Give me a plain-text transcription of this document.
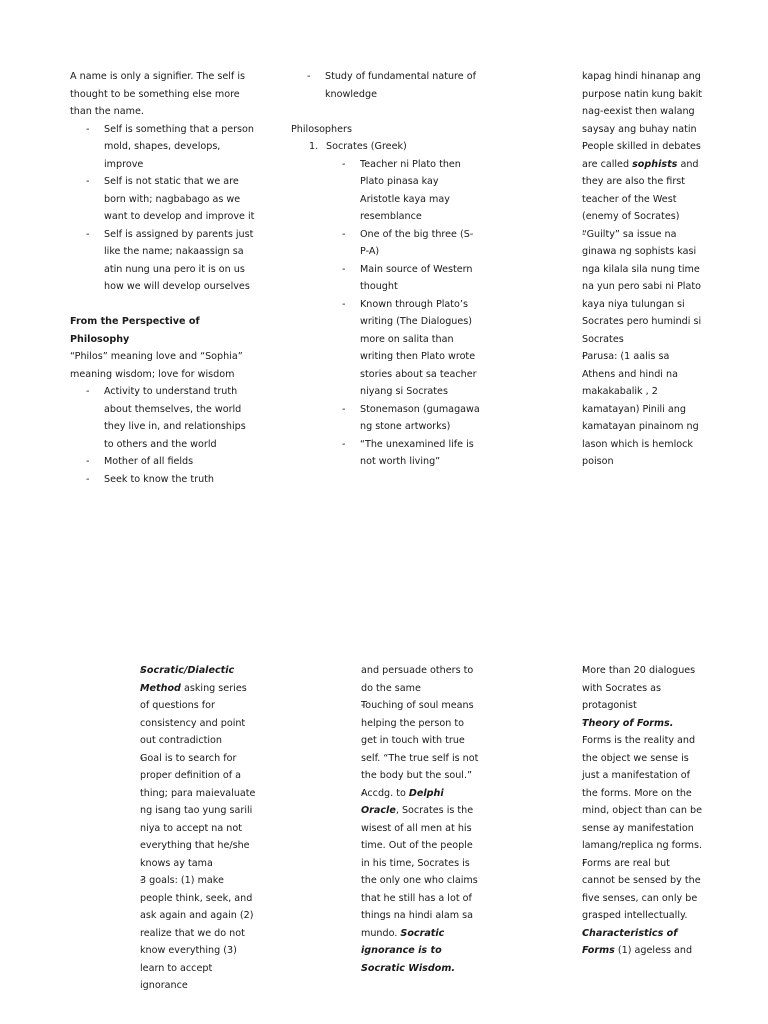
A name is only a signifier. The self is thought to be something else more than the name.

- Self is something that a person mold, shapes, develops, improve
- Self is not static that we are born with; nagbabago as we want to develop and improve it
- Self is assigned by parents just like the name; nakaassign sa atin nung una pero it is on us how we will develop ourselves

From the Perspective of Philosophy

“Philos” meaning love and “Sophia” meaning wisdom; love for wisdom

- Activity to understand truth about themselves, the world they live in, and relationships to others and the world
- Mother of all fields
- Seek to know the truth
- Study of fundamental nature of knowledge

Philosophers

1. Socrates (Greek)
- Teacher ni Plato then Plato pinasa kay Aristotle kaya may resemblance
- One of the big three (S-P-A)
- Main source of Western thought
- Known through Plato’s writing (The Dialogues) more on salita than writing then Plato wrote stories about sa teacher niyang si Socrates
- Stonemason (gumagawa ng stone artworks)
- “The unexamined life is not worth living”

kapag hindi hinanap ang purpose natin kung bakit nag-eexist then walang saysay ang buhay natin

- People skilled in debates are called sophists and they are also the first teacher of the West (enemy of Socrates)
- “Guilty” sa issue na ginawa ng sophists kasi nga kilala sila nung time na yun pero sabi ni Plato kaya niya tulungan si Socrates pero humindi si Socrates
- Parusa: (1 aalis sa Athens and hindi na makakabalik , 2 kamatayan) Pinili ang kamatayan pinainom ng lason which is hemlock poison
- Socratic/Dialectic Method asking series of questions for consistency and point out contradiction
- Goal is to search for proper definition of a thing; para maievaluate ng isang tao yung sarili niya to accept na not everything that he/she knows ay tama
- 3 goals: (1) make people think, seek, and ask again and again (2) realize that we do not know everything (3) learn to accept ignorance

and persuade others to do the same

- Touching of soul means helping the person to get in touch with true self. “The true self is not the body but the soul.”
- Accdg. to Delphi Oracle, Socrates is the wisest of all men at his time. Out of the people in his time, Socrates is the only one who claims that he still has a lot of things na hindi alam sa mundo. Socratic ignorance is to Socratic Wisdom.
- More than 20 dialogues with Socrates as protagonist
- Theory of Forms. Forms is the reality and the object we sense is just a manifestation of the forms. More on the mind, object than can be sense ay manifestation lamang/replica ng forms.
- Forms are real but cannot be sensed by the five senses, can only be grasped intellectually.
- Characteristics of Forms (1) ageless and
